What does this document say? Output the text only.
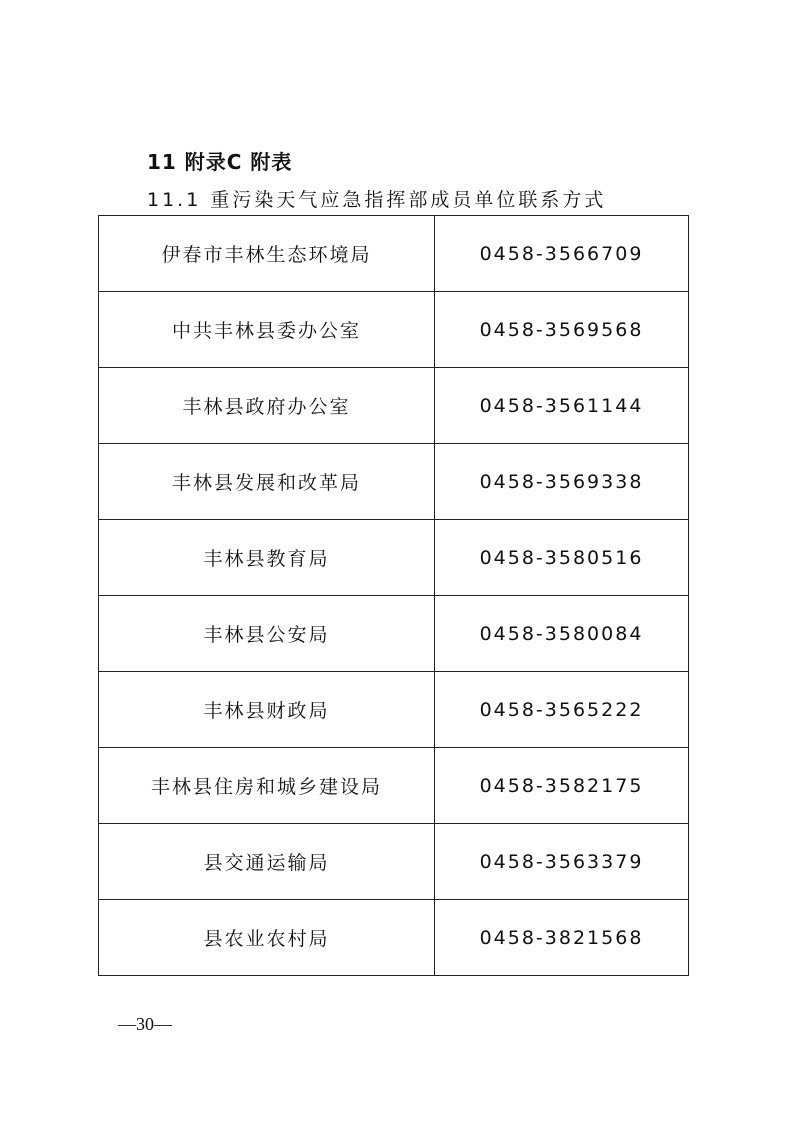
11 附录C 附表
11.1 重污染天气应急指挥部成员单位联系方式
伊春市丰林生态环境局	0458-3566709
中共丰林县委办公室	0458-3569568
丰林县政府办公室	0458-3561144
丰林县发展和改革局	0458-3569338
丰林县教育局	0458-3580516
丰林县公安局	0458-3580084
丰林县财政局	0458-3565222
丰林县住房和城乡建设局	0458-3582175
县交通运输局	0458-3563379
县农业农村局	0458-3821568
—30—
